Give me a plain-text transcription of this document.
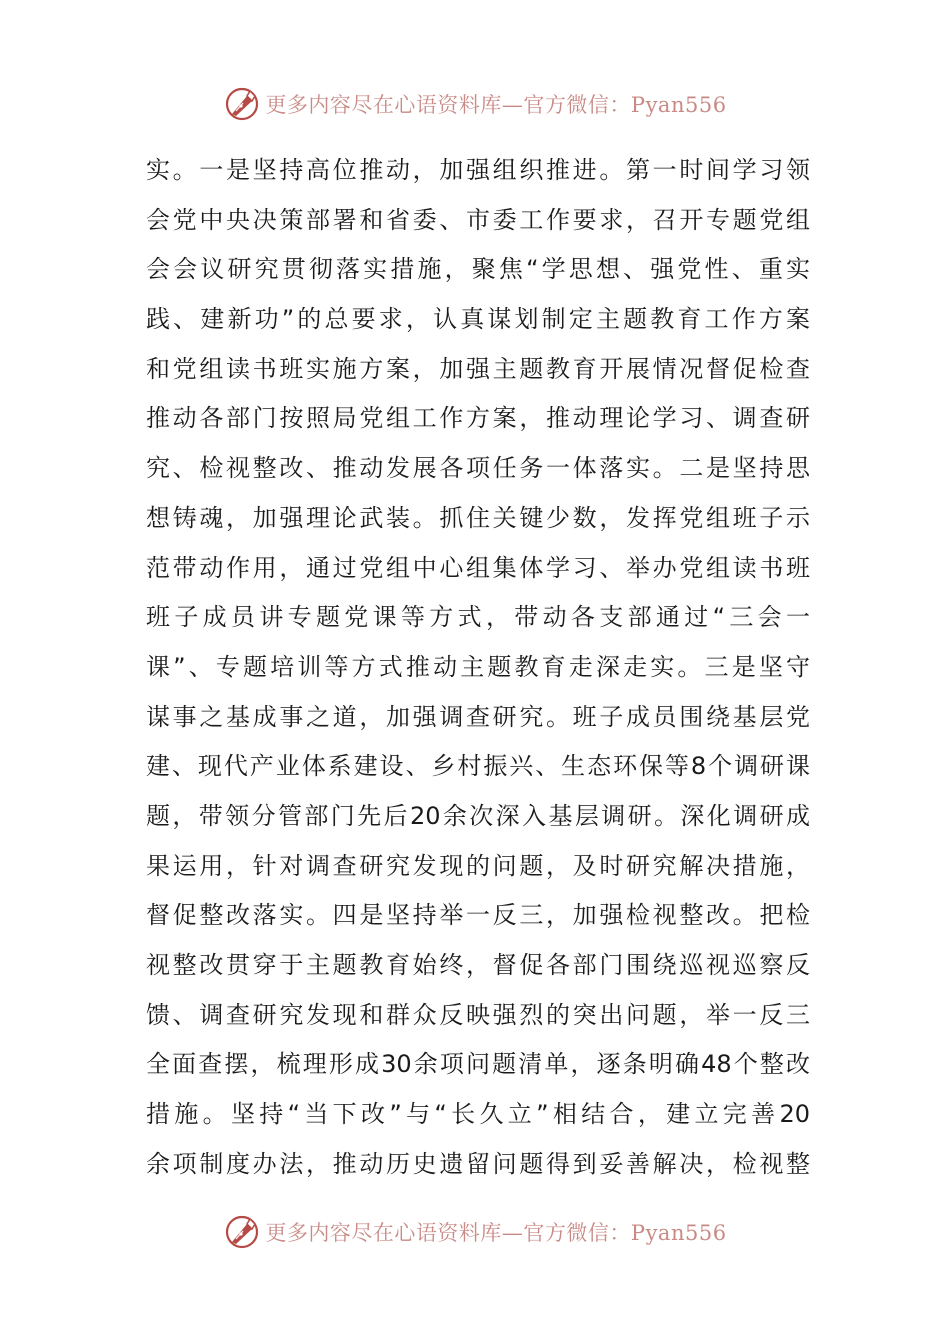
更多内容尽在心语资料库—官方微信：Pyan556
实。一是坚持高位推动，加强组织推进。第一时间学习领
会党中央决策部署和省委、市委工作要求，召开专题党组
会会议研究贯彻落实措施，聚焦“学思想、强党性、重实
践、建新功”的总要求，认真谋划制定主题教育工作方案
和党组读书班实施方案，加强主题教育开展情况督促检查
推动各部门按照局党组工作方案，推动理论学习、调查研
究、检视整改、推动发展各项任务一体落实。二是坚持思
想铸魂，加强理论武装。抓住关键少数，发挥党组班子示
范带动作用，通过党组中心组集体学习、举办党组读书班
班子成员讲专题党课等方式，带动各支部通过“三会一
课”、专题培训等方式推动主题教育走深走实。三是坚守
谋事之基成事之道，加强调查研究。班子成员围绕基层党
建、现代产业体系建设、乡村振兴、生态环保等8个调研课
题，带领分管部门先后20余次深入基层调研。深化调研成
果运用，针对调查研究发现的问题，及时研究解决措施，
督促整改落实。四是坚持举一反三，加强检视整改。把检
视整改贯穿于主题教育始终，督促各部门围绕巡视巡察反
馈、调查研究发现和群众反映强烈的突出问题，举一反三
全面查摆，梳理形成30余项问题清单，逐条明确48个整改
措施。坚持“当下改”与“长久立”相结合，建立完善20
余项制度办法，推动历史遗留问题得到妥善解决，检视整
更多内容尽在心语资料库—官方微信：Pyan556
